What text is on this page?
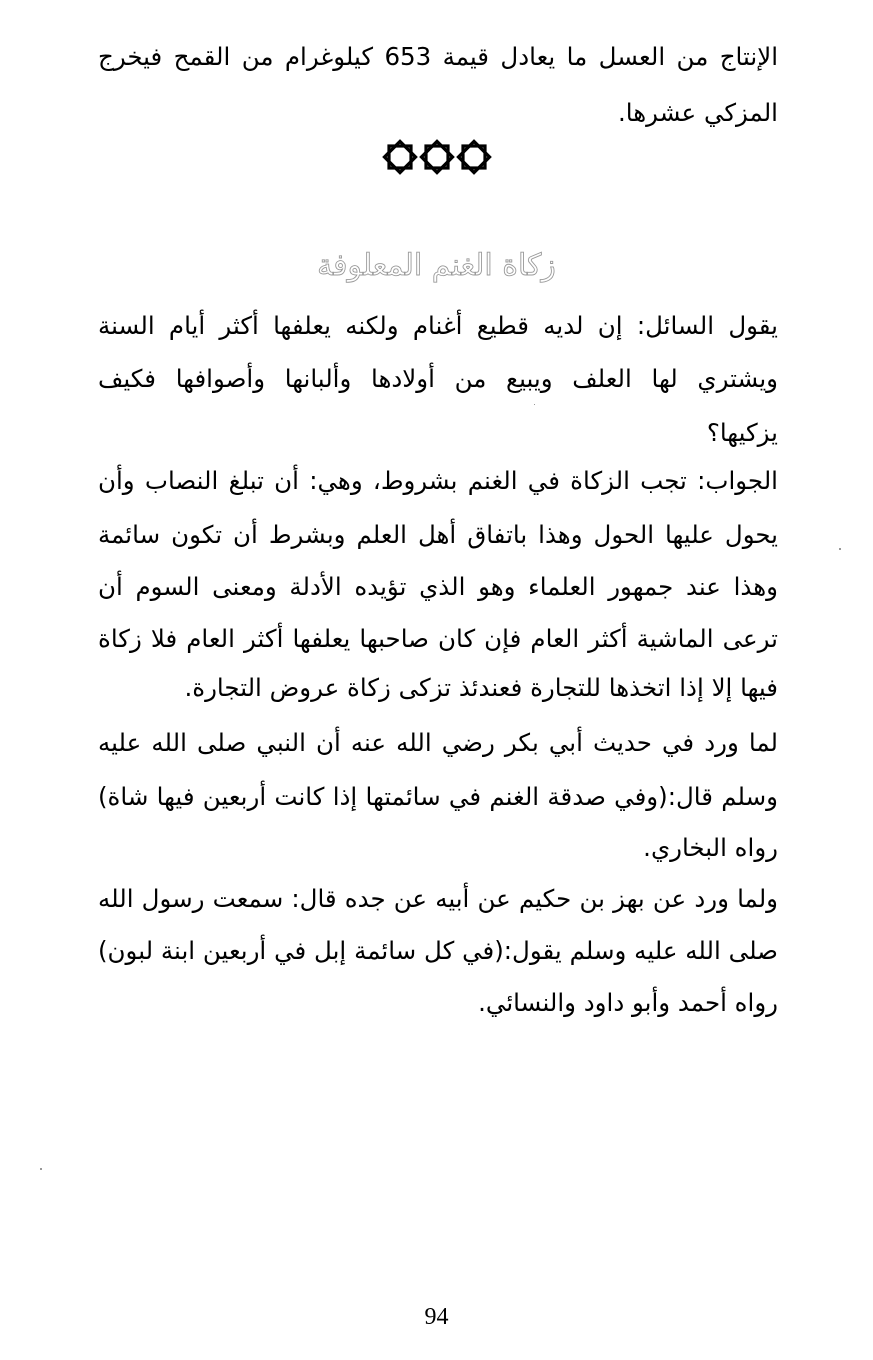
الإنتاج من العسل ما يعادل قيمة 653 كيلوغرام من القمح فيخرج
المزكي عشرها.
زكاة الغنم المعلوفة
يقول السائل: إن لديه قطيع أغنام ولكنه يعلفها أكثر أيام السنة
ويشتري لها العلف ويبيع من أولادها وألبانها وأصوافها فكيف
يزكيها؟
الجواب: تجب الزكاة في الغنم بشروط، وهي: أن تبلغ النصاب وأن
يحول عليها الحول وهذا باتفاق أهل العلم وبشرط أن تكون سائمة
وهذا عند جمهور العلماء وهو الذي تؤيده الأدلة ومعنى السوم أن
ترعى الماشية أكثر العام فإن كان صاحبها يعلفها أكثر العام فلا زكاة
فيها إلا إذا اتخذها للتجارة فعندئذ تزكى زكاة عروض التجارة.
لما ورد في حديث أبي بكر رضي الله عنه أن النبي صلى الله عليه
وسلم قال:(وفي صدقة الغنم في سائمتها إذا كانت أربعين فيها شاة)
رواه البخاري.
ولما ورد عن بهز بن حكيم عن أبيه عن جده قال: سمعت رسول الله
صلى الله عليه وسلم يقول:(في كل سائمة إبل في أربعين ابنة لبون)
رواه أحمد وأبو داود والنسائي.
94
